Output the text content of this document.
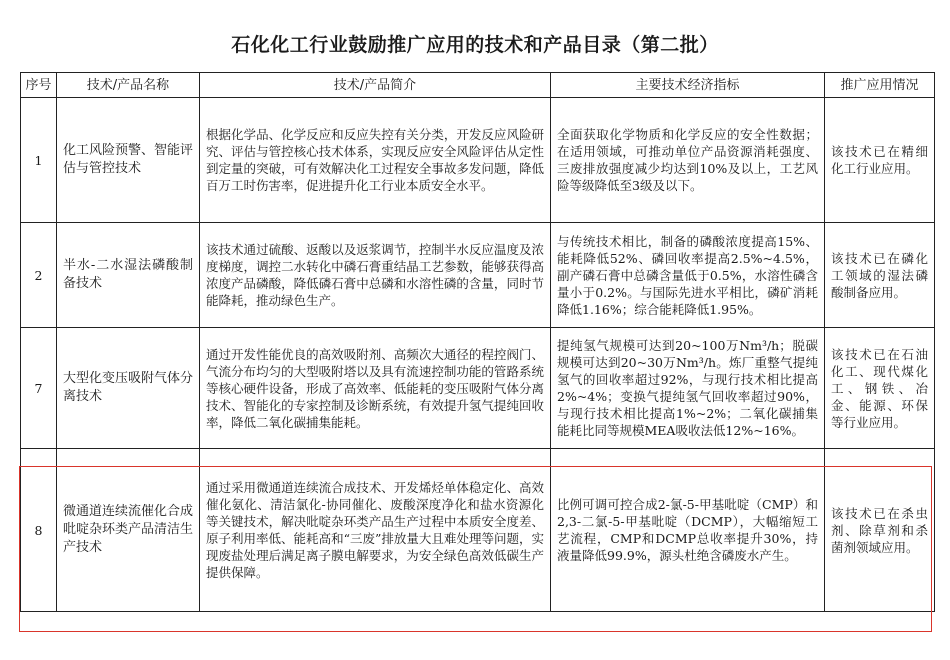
石化化工行业鼓励推广应用的技术和产品目录（第二批）
序号	技术/产品名称	技术/产品简介	主要技术经济指标	推广应用情况
1	化工风险预警、智能评估与管控技术	根据化学品、化学反应和反应失控有关分类，开发反应风险研究、评估与管控核心技术体系，实现反应安全风险评估从定性到定量的突破，可有效解决化工过程安全事故多发问题，降低百万工时伤害率，促进提升化工行业本质安全水平。	全面获取化学物质和化学反应的安全性数据；在适用领域，可推动单位产品资源消耗强度、三废排放强度减少均达到10%及以上，工艺风险等级降低至3级及以下。	该技术已在精细化工行业应用。
2	半水-二水湿法磷酸制备技术	该技术通过硫酸、返酸以及返浆调节，控制半水反应温度及浓度梯度，调控二水转化中磷石膏重结晶工艺参数，能够获得高浓度产品磷酸，降低磷石膏中总磷和水溶性磷的含量，同时节能降耗，推动绿色生产。	与传统技术相比，制备的磷酸浓度提高15%、能耗降低52%、磷回收率提高2.5%~4.5%，副产磷石膏中总磷含量低于0.5%，水溶性磷含量小于0.2%。与国际先进水平相比，磷矿消耗降低1.16%；综合能耗降低1.95%。	该技术已在磷化工领域的湿法磷酸制备应用。
7	大型化变压吸附气体分离技术	通过开发性能优良的高效吸附剂、高频次大通径的程控阀门、气流分布均匀的大型吸附塔以及具有流速控制功能的管路系统等核心硬件设备，形成了高效率、低能耗的变压吸附气体分离技术、智能化的专家控制及诊断系统，有效提升氢气提纯回收率，降低二氧化碳捕集能耗。	提纯氢气规模可达到20~100万Nm³/h；脱碳规模可达到20~30万Nm³/h。炼厂重整气提纯氢气的回收率超过92%，与现行技术相比提高2%~4%；变换气提纯氢气回收率超过90%，与现行技术相比提高1%~2%；二氧化碳捕集能耗比同等规模MEA吸收法低12%~16%。	该技术已在石油化工、现代煤化工、钢铁、冶金、能源、环保等行业应用。
8	微通道连续流催化合成吡啶杂环类产品清洁生产技术	通过采用微通道连续流合成技术、开发烯烃单体稳定化、高效催化氨化、清洁氯化-协同催化、废酸深度净化和盐水资源化等关键技术，解决吡啶杂环类产品生产过程中本质安全度差、原子利用率低、能耗高和“三废”排放量大且难处理等问题，实现废盐处理后满足离子膜电解要求，为安全绿色高效低碳生产提供保障。	比例可调可控合成2-氯-5-甲基吡啶（CMP）和2,3-二氯-5-甲基吡啶（DCMP），大幅缩短工艺流程，CMP和DCMP总收率提升30%，持液量降低99.9%，源头杜绝含磷废水产生。	该技术已在杀虫剂、除草剂和杀菌剂领域应用。
